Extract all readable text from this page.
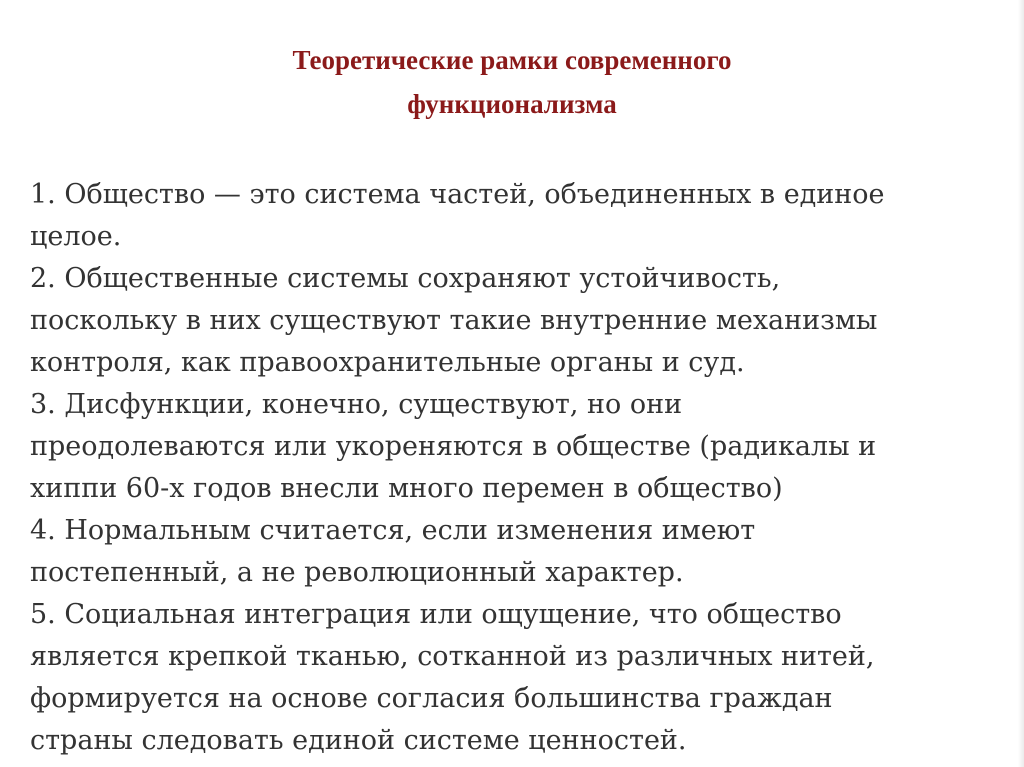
Теоретические рамки современного
функционализма
1. Общество — это система частей, объединенных в единое
целое.
2. Общественные системы сохраняют устойчивость,
поскольку в них существуют такие внутренние механизмы
контроля, как правоохранительные органы и суд.
3. Дисфункции, конечно, существуют, но они
преодолеваются или укореняются в обществе (радикалы и
хиппи 60-х годов внесли много перемен в общество)
4. Нормальным считается, если изменения имеют
постепенный, а не революционный характер.
5. Социальная интеграция или ощущение, что общество
является крепкой тканью, сотканной из различных нитей,
формируется на основе согласия большинства граждан
страны следовать единой системе ценностей.
